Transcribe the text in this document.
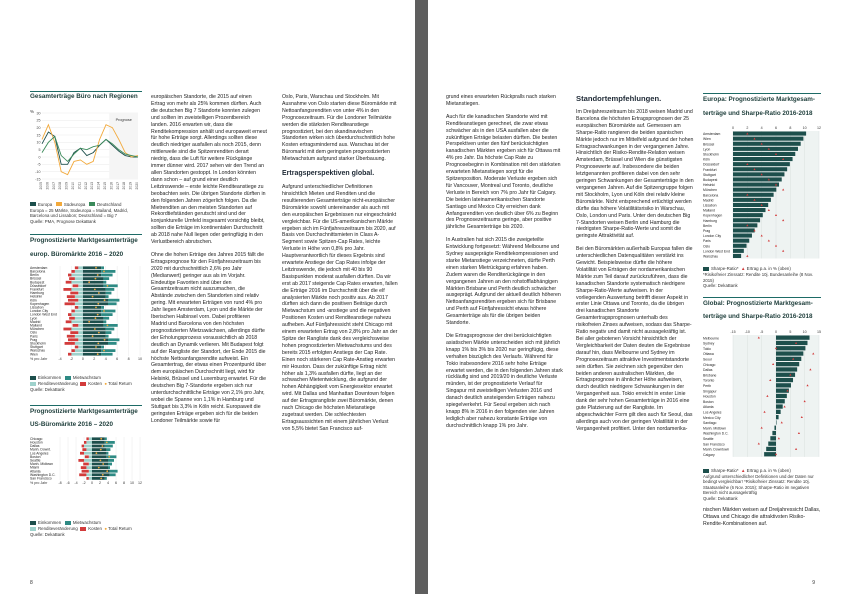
Gesamterträge Büro nach Regionen

%
-15
-10
-5
0
5
10
15
20
25
30
2005 2006 2007 2008 2009 2010 2011 2012 2013 2014 2015 2016 2017 2018 2019 2020
Prognose
Europa	Südeuropa	Deutschland
Europa = 25 Märkte, Südeuropa = Mailand, Madrid, Barcelona und Lissabon; Deutschland = Big 7
Quelle: PMA, Prognose DekaBank

Prognostizierte Marktgesamterträge

europ. Büromärkte 2016 – 2020

-4 -2 0	2	4	6	8 10
% pro Jahr
Amsterdam
Barcelona
Berlin
Brüssel
Budapest
Düsseldorf
Frankfurt
Hamburg
Helsinki
Köln
Kopenhagen
Lissabon
London City
London West End
Lyon
Madrid
Mailand
München
Oslo
Paris
Prag
Stockholm
Stuttgart
Warschau
Wien
Einkommen	Mietwachstum
Renditeveränderung Kosten ● Total Return
Quelle: DekaBank

Prognostizierte Marktgesamterträge

US-Büromärkte 2016 – 2020

-8 -6 -4 -2 0 2 4 6 8 10 12
% pro Jahr
Chicago
Houston
Dallas
Manh. Downt.
Los Angeles
Boston
Seattle
Manh. Midtown
Miami
Atlanta
Washington D.C.
San Francisco
Einkommen	Mietwachstum
Renditeveränderung Kosten ● Total Return
Quelle: DekaBank

europäischen Standorte, die 2015 auf einen Ertrag von mehr als 25% kommen dürften. Auch die deutschen Big 7 Standorte konnten zulegen und sollten im zweistelligen Prozentbereich landen. 2016 erwarten wir, dass die Renditekompression anhält und europaweit erneut für hohe Erträge sorgt. Allerdings sollten diese deutlich niedriger ausfallen als noch 2015, denn mittlerweile sind die Spitzenrenditen derart niedrig, dass die Luft für weitere Rückgänge immer dünner wird. 2017 sehen wir den Trend an allen Standorten gestoppt. In London könnten dann schon – auf grund einer deutlich Leitzinswende – erste leichte Renditeanstiege zu beobachten sein. Die übrigen Standorte dürften in den folgenden Jahren zögerlich folgen. Da die Mietrenditen an den meisten Standorten auf Rekordtiefständen gerutscht sind und der konjunkturelle Umfeld insgesamt vorsichtig bleibt, sollten die Erträge im kontinentalen Durchschnitt ab 2018 nahe Null liegen oder geringfügig in den Verlustbereich abrutschen.

Ohne die hohen Erträge des Jahres 2015 fällt die Ertragsprognose für den Fünfjahreszeitraum bis 2020 mit durchschnittlich 2,6% pro Jahr (Medianwert) geringer aus als im Vorjahr. Eindeutige Favoriten sind über den Gesamtzeitraum nicht auszumachen, die Abstände zwischen den Standorten sind relativ gering. Mit erwarteten Erträgen von rund 4% pro Jahr liegen Amsterdam, Lyon und die Märkte der Iberischen Halbinsel vorn. Dabei profitieren Madrid und Barcelona von den höchsten prognostizierten Mietzuwächsen, allerdings dürfte der Erholungsprozess voraussichtlich ab 2018 deutlich an Dynamik verlieren. Mit Budapest folgt auf der Rangliste der Standort, der Ende 2015 die höchste Nettoanfangsrendite aufweist. Ein Gesamtertrag, der etwas einen Prozentpunkt über dem europäischen Durchschnitt liegt, wird für Helsinki, Brüssel und Luxemburg erwartet. Für die deutschen Big 7-Standorte ergeben sich nur unterdurchschnittliche Erträge von 2,1% pro Jahr, wobei die Spanne von 1,1% in Hamburg und Stuttgart bis 3,3% in Köln reicht. Europaweit die geringsten Erträge ergeben sich für die beiden Londoner Teilmärkte sowie für

Oslo, Paris, Warschau und Stockholm. Mit Ausnahme von Oslo starten diese Büromärkte mit Nettoanfangsrenditen von unter 4% in den Prognosezeitraum. Für die Londoner Teilmärkte werden die stärksten Renditeanstiege prognostiziert, bei den skandinavischen Standorten wirken sich überdurchschnittlich hohe Kosten ertragsmindernd aus. Warschau ist der Büromarkt mit dem geringsten prognostizierten Mietwachstum aufgrund starker Überbauung.

Ertragsperspektiven global.

Aufgrund unterschiedlicher Definitionen hinsichtlich Mieten und Renditen und die resultierenden Gesamterträge nicht-europäischer Büromärkte sowohl untereinander als auch mit den europäischen Ergebnissen nur eingeschränkt vergleichbar. Für die US-amerikanischen Märkte ergeben sich im Fünfjahreszeitraum bis 2020, auf Basis von Durchschnittsmieten in Class A-Segment sowie Spitzen-Cap Rates, leichte Verluste in Höhe von 0,8% pro Jahr. Hauptverantwortlich für dieses Ergebnis sind erwartete Anstiege der Cap Rates infolge der Leitzinswende, die jedoch mit 40 bis 90 Basispunkten moderat ausfallen dürften. Da wir erst ab 2017 steigende Cap Rates erwarten, fallen die Erträge 2016 im Durchschnitt über die elf analysierten Märkte noch positiv aus. Ab 2017 dürften sich dann die positiven Beiträge durch Mietwachstum und -anstiege und die negativen Positionen Kosten und Renditeanstiege nahezu aufheben. Auf Fünfjahressicht steht Chicago mit einem erwarteten Ertrag von 2,8% pro Jahr an der Spitze der Rangliste dank des vergleichsweise hohen prognostizierten Mietwachstums und des bereits 2015 erfolgten Anstiegs der Cap Rate. Einen noch stärkeren Cap Rate-Anstieg erwarten mir Houston. Dass der zukünftige Ertrag nicht höher als 1,3% ausfallen dürfte, liegt an der schwachen Mietentwicklung, die aufgrund der hohen Abhängigkeit vom Energiesektor erwartet wird. Mit Dallas und Manhattan Downtown folgen auf der Ertragsrangliste zwei Büromärkte, denen nach Chicago die höchsten Mietanstiege zugetraut werden. Die schlechtesten Ertragsaussichten mit einem jährlichen Verlust von 5,5% bietet San Francisco auf-

8

grund eines erwarteten Rückpralls nach starken Mietanstiegen.

Auch für die kanadischen Standorte wird mit Renditeanstiegen gerechnet, die zwar etwas schwächer als in den USA ausfallen aber die zukünftigen Erträge belasten dürften. Die besten Perspektiven unter den fünf berücksichtigten kanadischen Märkten ergeben sich für Ottawa mit 4% pro Jahr. Da höchste Cap Rate zu Prognosebeginn in Kombination mit den stärksten erwarteten Mietanstiegen sorgt für die Spitzenposition. Moderate Verluste ergeben sich für Vancouver, Montreal und Toronto, deutliche Verluste in Bereich von 7% pro Jahr für Calgary. Die beiden lateinamerikanischen Standorte Santiago und Mexico City erreichen dank Anfangsrenditen von deutlich über 6% zu Beginn des Prognosezeitraums geringe, aber positive jährliche Gesamterträge bis 2020.

In Australien hat sich 2015 die zweigeteilte Entwicklung fortgesetzt: Während Melbourne und Sydney ausgeprägte Renditekompressionen und starke Mietanstiege verzeichneten, dürfte Perth einen starken Mietrückgang erfahren haben. Zudem waren die Renditerückgänge in den vergangenen Jahren an den rohstofflabhängigen Märkten Brisbane und Perth deutlich schwächer ausgeprägt. Aufgrund der aktuell deutlich höheren Nettoanfangsrenditen ergeben sich für Brisbane und Perth auf Fünfjahressicht etwas höhere Gesamterträge als für die übrigen beiden Standorte.

Die Ertragsprognose der drei berücksichtigten asiatischen Märkte unterscheiden sich mit jährlich knapp 1% bis 3% bis 2020 nur geringfügig, diese verhalten biszüglich des Verlaufs. Während für Tokio insbesondere 2016 sehr hohe Erträge erwartet werden, die in den folgenden Jahren stark rückläufig sind und 2019/20 in deutliche Verluste münden, ist der prognostizierte Verlauf für Singapur mit zweistelligen Verlusten 2016 und danach deutlich ansteigenden Erträgen nahezu spiegelverkehrt. Für Seoul ergeben sich nach knapp 8% in 2016 in den folgenden vier Jahren lediglich aber nahezu konstante Erträge von durchschnittlich knapp 1% pro Jahr.

Standortempfehlungen.

Im Dreijahreszeitraum bis 2018 weisen Madrid und Barcelona die höchsten Ertragsprognosen der 25 europäischen Büromärkte auf. Gemessen am Sharpe-Ratio rangieren die beiden spanischen Märkte jedoch nur im Mittelfeld aufgrund der hohen Ertragsschwankungen in der vergangenen Jahre. Hinsichtlich der Risiko-Rendite-Relation weisen Amsterdam, Brüssel und Wien die günstigsten Prognosewerte auf. Insbesondere die beiden letztgenannten profitieren dabei von den sehr geringen Schwankungen der Gesamterträge in den vergangenen Jahren. Auf die Spitzengruppe folgen mit Stockholm, Lyon und Köln drei relativ kleine Büromärkte. Nicht entsprechend ertüchtigt werden dürfte das höhere Volatilitätsrisiko in Warschau, Oslo, London und Paris. Unter den deutschen Big 7-Standorten weisen Berlin und Hamburg die niedrigsten Sharpe-Ratio-Werte und somit die geringste Attraktivität auf.

Bei den Büromärkten außerhalb Europas fallen die unterschiedlichen Datenqualitäten verstärkt ins Gewicht. Beispielsweise dürfte die höhere Volatilität von Erträgen der nordamerikanischen Märkte zum Teil darauf zurückzuführen, dass die kanadischen Standorte systematisch niedrigere Sharpe-Ratio-Werte aufweisen. In der vorliegenden Auswertung betrifft dieser Aspekt in erster Linie Ottawa und Toronto, da die übrigen drei kanadischen Standorte Gesamtertragsprognosen unterhalb des risikofreien Zinses aufweisen, sodass das Sharpe-Ratio negativ und damit nicht aussagekräftig ist. Bei aller gebotenen Vorsicht hinsichtlich der Vergleichbarkeit der Daten deuten die Ergebnisse darauf hin, dass Melbourne und Sydney im Prognosezeitraum attraktive Investmentstandorte sein dürften. Sie zeichnen sich gegenüber den beiden anderen australischen Märkten, die Ertragsprognose in ähnlicher Höhe aufweisen, durch deutlich niedrigere Schwankungen in der Vergangenheit aus. Tokio erreicht in erster Linie dank der sehr hohen Gesamterträge in 2016 eine gute Platzierung auf der Rangliste. Im abgeschwächter Form gilt dies auch für Seoul, das allerdings auch von der geringen Volatilität in der Vergangenheit profitiert. Unter den nordamerika-

Europa: Prognostizierte Marktgesam-

terträge und Sharpe-Ratio 2016-2018

0	2	4	6	8	10	12
Amsterdam
Wien
Brüssel
Lyon
Stockholm
Köln
Düsseldorf
Frankfurt
Stuttgart
Budapest
Helsinki
München
Barcelona
Madrid
Lissabon
Mailand
Kopenhagen
Hamburg
Berlin
Prag
London City
Paris
Oslo
London West End
Warschau
Sharpe-Ratio* ▲ Ertrag p.a. in % (oben)
*Risikofreier Zinssatz: Rendite 10j. Bundesanleihe (8 Nov. 2015)
Quelle: DekaBank

Global: Prognostizierte Marktgesam-

terträge und Sharpe-Ratio 2016-2018

-15	-10	-5	0	5	10	15
Melbourne
Sydney
Tokio
Ottawa
Seoul
Chicago
Dallas
Brisbane
Toronto
Perth
Singapur
Houston
Boston
Atlanta
Los Angeles
Mexico City
Santiago
Manh. Midtown
Washington D.C.
Seattle
San Francisco
Manh. Downtown
Calgary
Sharpe-Ratio* ▲ Ertrag p.a. in % (oben)
Aufgrund unterschiedlicher Definitionen und der Daten nur bedingt vergleichbar! *Risikofreier Zinssatz: Rendite 10j. Staatsanleihe (6 Nov. 2015); Sharpe-Ratio im negativen Bereich nicht aussagekräftig
Quelle: DekaBank

nischen Märkten weisen auf Dreijahressicht Dallas, Ottawa und Chicago die attraktivsten Risiko-Rendite-Kombinationen auf.

9
